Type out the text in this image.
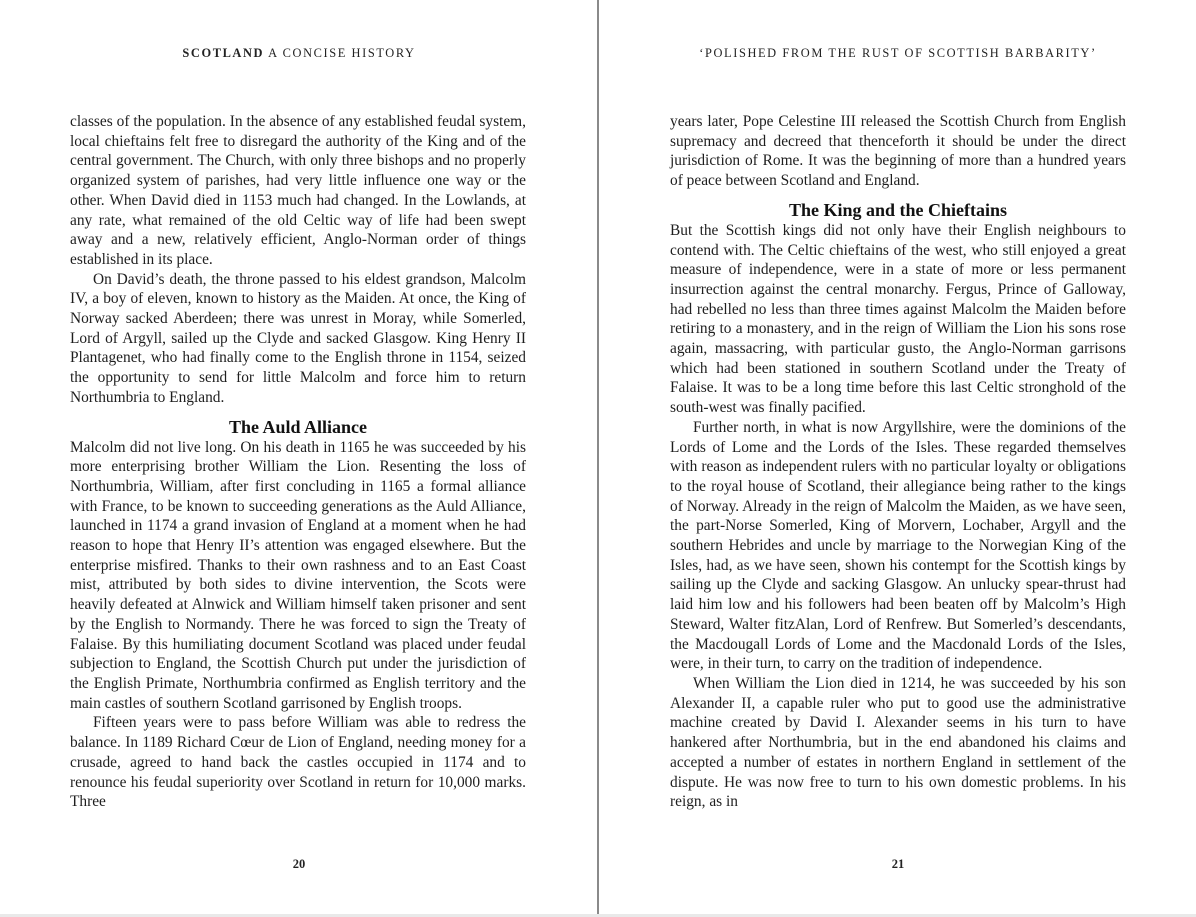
SCOTLAND A CONCISE HISTORY

classes of the population. In the absence of any established feudal system, local chieftains felt free to disregard the authority of the King and of the central government. The Church, with only three bishops and no properly organized system of parishes, had very little influence one way or the other. When David died in 1153 much had changed. In the Lowlands, at any rate, what remained of the old Celtic way of life had been swept away and a new, relatively efficient, Anglo-Norman order of things established in its place.

On David’s death, the throne passed to his eldest grandson, Malcolm IV, a boy of eleven, known to history as the Maiden. At once, the King of Norway sacked Aberdeen; there was unrest in Moray, while Somerled, Lord of Argyll, sailed up the Clyde and sacked Glasgow. King Henry II Plantagenet, who had finally come to the English throne in 1154, seized the opportunity to send for little Malcolm and force him to return Northumbria to England.

The Auld Alliance

Malcolm did not live long. On his death in 1165 he was succeeded by his more enterprising brother William the Lion. Resenting the loss of Northumbria, William, after first concluding in 1165 a formal alliance with France, to be known to succeeding generations as the Auld Alliance, launched in 1174 a grand invasion of England at a moment when he had reason to hope that Henry II’s attention was engaged elsewhere. But the enterprise misfired. Thanks to their own rashness and to an East Coast mist, attributed by both sides to divine intervention, the Scots were heavily defeated at Alnwick and William himself taken prisoner and sent by the English to Normandy. There he was forced to sign the Treaty of Falaise. By this humiliating document Scotland was placed under feudal subjection to England, the Scottish Church put under the jurisdiction of the English Primate, Northumbria confirmed as English territory and the main castles of southern Scotland garrisoned by English troops.

Fifteen years were to pass before William was able to redress the balance. In 1189 Richard Cœur de Lion of England, needing money for a crusade, agreed to hand back the castles occupied in 1174 and to renounce his feudal superiority over Scotland in return for 10,000 marks. Three

20
‘POLISHED FROM THE RUST OF SCOTTISH BARBARITY’

years later, Pope Celestine III released the Scottish Church from English supremacy and decreed that thenceforth it should be under the direct jurisdiction of Rome. It was the beginning of more than a hundred years of peace between Scotland and England.

The King and the Chieftains

But the Scottish kings did not only have their English neighbours to contend with. The Celtic chieftains of the west, who still enjoyed a great measure of independence, were in a state of more or less permanent insurrection against the central monarchy. Fergus, Prince of Galloway, had rebelled no less than three times against Malcolm the Maiden before retiring to a monastery, and in the reign of William the Lion his sons rose again, massacring, with particular gusto, the Anglo-Norman garrisons which had been stationed in southern Scotland under the Treaty of Falaise. It was to be a long time before this last Celtic stronghold of the south-west was finally pacified.

Further north, in what is now Argyllshire, were the dominions of the Lords of Lome and the Lords of the Isles. These regarded themselves with reason as independent rulers with no particular loyalty or obligations to the royal house of Scotland, their allegiance being rather to the kings of Norway. Already in the reign of Malcolm the Maiden, as we have seen, the part-Norse Somerled, King of Morvern, Lochaber, Argyll and the southern Hebrides and uncle by marriage to the Norwegian King of the Isles, had, as we have seen, shown his contempt for the Scottish kings by sailing up the Clyde and sacking Glasgow. An unlucky spear-thrust had laid him low and his followers had been beaten off by Malcolm’s High Steward, Walter fitzAlan, Lord of Renfrew. But Somerled’s descendants, the Macdougall Lords of Lome and the Macdonald Lords of the Isles, were, in their turn, to carry on the tradition of independence.

When William the Lion died in 1214, he was succeeded by his son Alexander II, a capable ruler who put to good use the administrative machine created by David I. Alexander seems in his turn to have hankered after Northumbria, but in the end abandoned his claims and accepted a number of estates in northern England in settlement of the dispute. He was now free to turn to his own domestic problems. In his reign, as in

21
